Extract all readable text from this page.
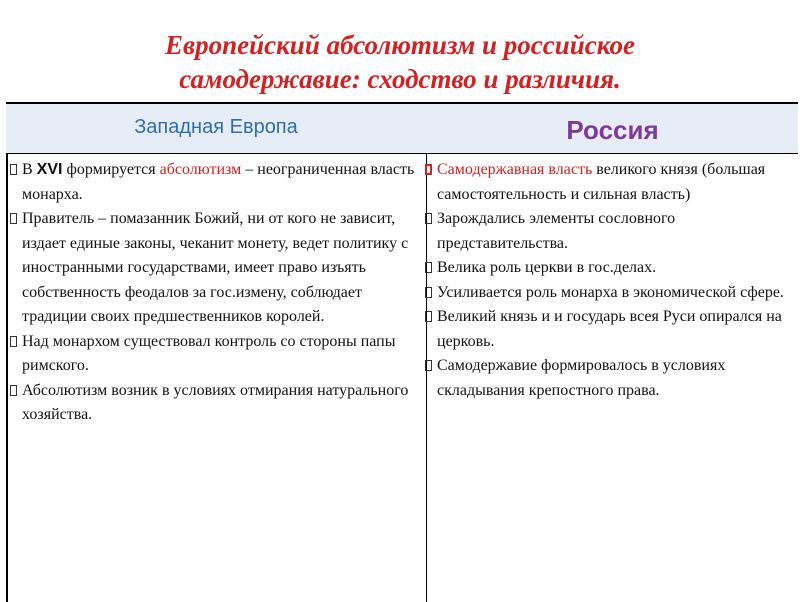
Европейский абсолютизм и российское
самодержавие: сходство и различия.
Западная Европа	Россия
В XVI формируется абсолютизм – неограниченная власть монарха.
Правитель – помазанник Божий, ни от кого не зависит, издает единые законы, чеканит монету, ведет политику с иностранными государствами, имеет право изъять собственность феодалов за гос.измену, соблюдает традиции своих предшественников королей.
Над монархом существовал контроль со стороны папы римского.
Абсолютизм возник в условиях отмирания натурального хозяйства.
Самодержавная власть великого князя (большая самостоятельность и сильная власть)
Зарождались элементы сословного представительства.
Велика роль церкви в гос.делах.
Усиливается роль монарха в экономической сфере.
Великий князь и и государь всея Руси опирался на церковь.
Самодержавие формировалось в условиях складывания крепостного права.
